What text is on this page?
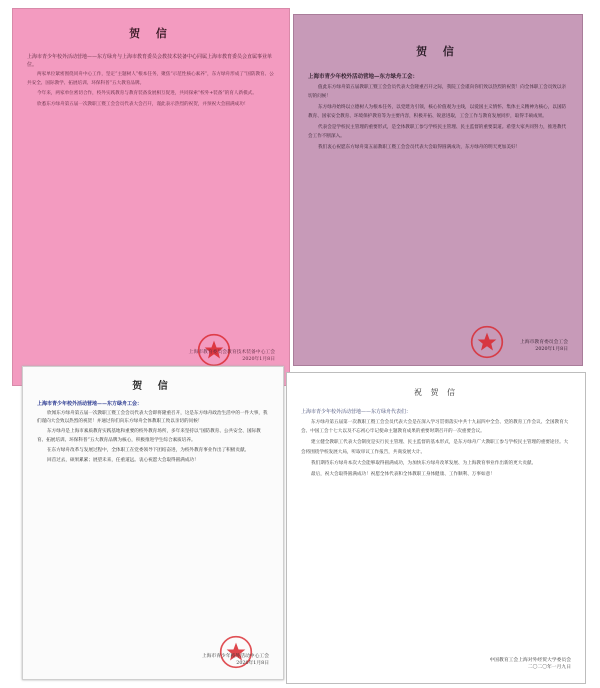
贺 信
上海市青少年校外活动营地——东方绿舟与上海市教育委员会教技术装备中心同属上海市教育委员会直属事业单位。

两家单位紧密围绕同舟中心工作，坚定“主题树人”根本任务，聚焦“示范性核心素养”，东方绿舟形成了“国防教育、公共安全、国际教学、拓展培训、环保科普”五大教育品牌。

今年来，两家单位密切合作，校外实践教育与教育装备发展相互促进，共同探索“校外+装备”的育人新模式。

欣悉东方绿舟第五届一次教职工暨工会会员代表大会召开，谨此表示热烈的祝贺，并预祝大会圆满成功！

上海市教育委员会教育技术装备中心工会
2020年1月8日
贺 信
上海市青少年校外活动营地—东方绿舟工会：

值此东方绿舟第五届教职工暨工会会员代表大会隆重召开之际，我院工会谨向你们致以热烈的祝贺！向全体职工会员致以亲切的问候！

东方绿舟始终以立德树人为根本任务，以党建为引领，核心价值观为主线，以爱国主义情怀、集体主义精神为核心，以国防教育、国家安全教育、环境保护教育等为主要内容，积极开拓、锐意进取，工会工作与教育发展同步，取得丰硕成果。

代表会是学校民主管理的重要形式，是全体教职工参与学校民主管理、民主监督的重要渠道。希望大家共同努力，推进教代会工作不断深入。

我们衷心祝愿东方绿舟第五届教职工暨工会会员代表大会取得圆满成功，东方绿舟的明天更加美好！

上海市教育委员会工会
2020年1月8日
贺 信
上海市青少年校外活动营地——东方绿舟工会：

欣闻东方绿舟第五届一次教职工暨工会会员代表大会即将隆重召开，这是东方绿舟政治生活中的一件大事，我们谨向大会致以热烈的祝贺！并通过你们向东方绿舟全体教职工致以亲切的问候！

东方绿舟是上海市素质教育实践基地和重要的校外教育场所，多年来坚持以“国防教育、公共安全、国际教育、拓展培训、环保科普”五大教育品牌为核心，积极推进学生综合素质培养。

在东方绿舟改革与发展过程中，全体职工在党委领导下团结奋进，为校外教育事业作出了积极贡献。

回首过去，硕果累累；展望未来，任重道远。衷心祝愿大会取得圆满成功！

上海市青少年校外活动中心工会
2020年1月8日
祝 贺 信
上海市青少年校外活动营地——东方绿舟代表们：

东方绿舟第五届第一次教职工暨工会会员代表大会是在深入学习贯彻落实中共十九届四中全会、党的教育工作会议、全国教育大会、中国工会十七大以及不忘初心牢记使命主题教育成果的重要时期召开的一次重要会议。

建立健全教职工代表大会制度是实行民主管理、民主监督的基本形式，是东方绿舟广大教职工参与学校民主管理的重要途径。大会将围绕学校发展大局，听取审议工作报告，共商发展大计。

我们期待东方绿舟本次大会能够取得圆满成功，为加快东方绿舟改革发展、为上海教育事业作出新的更大贡献。

最后，祝大会取得圆满成功！祝愿全体代表和全体教职工身体健康、工作顺利、万事如意！

中国教育工会上海对外经贸大学委员会
二〇二〇年一月九日
